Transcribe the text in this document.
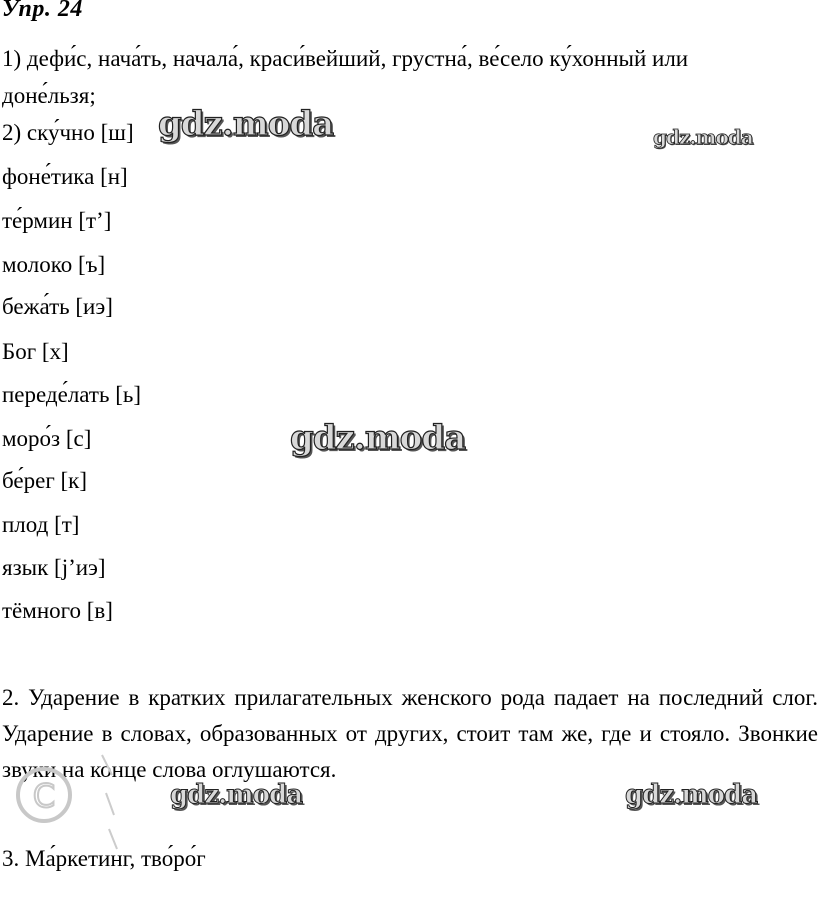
Упр. 24
1) дефи́с, нача́ть, начала́, краси́вейший, грустна́, ве́село ку́хонный или
доне́льзя;
2) ску́чно [ш]
фоне́тика [н]
те́рмин [т’]
молоко [ъ]
бежа́ть [иэ]
Бог [х]
переде́лать [ь]
моро́з [с]
бе́рег [к]
плод [т]
язык [j’иэ]
тёмного [в]
2. Ударение в кратких прилагательных женского рода падает на последний слог. Ударение в словах, образованных от других, стоит там же, где и стояло. Звонкие звуки на конце слова оглушаются.
3. Ма́ркетинг, тво́ро́г
gdz.moda	gdz.moda
gdz.moda
gdz.moda	gdz.moda
C
